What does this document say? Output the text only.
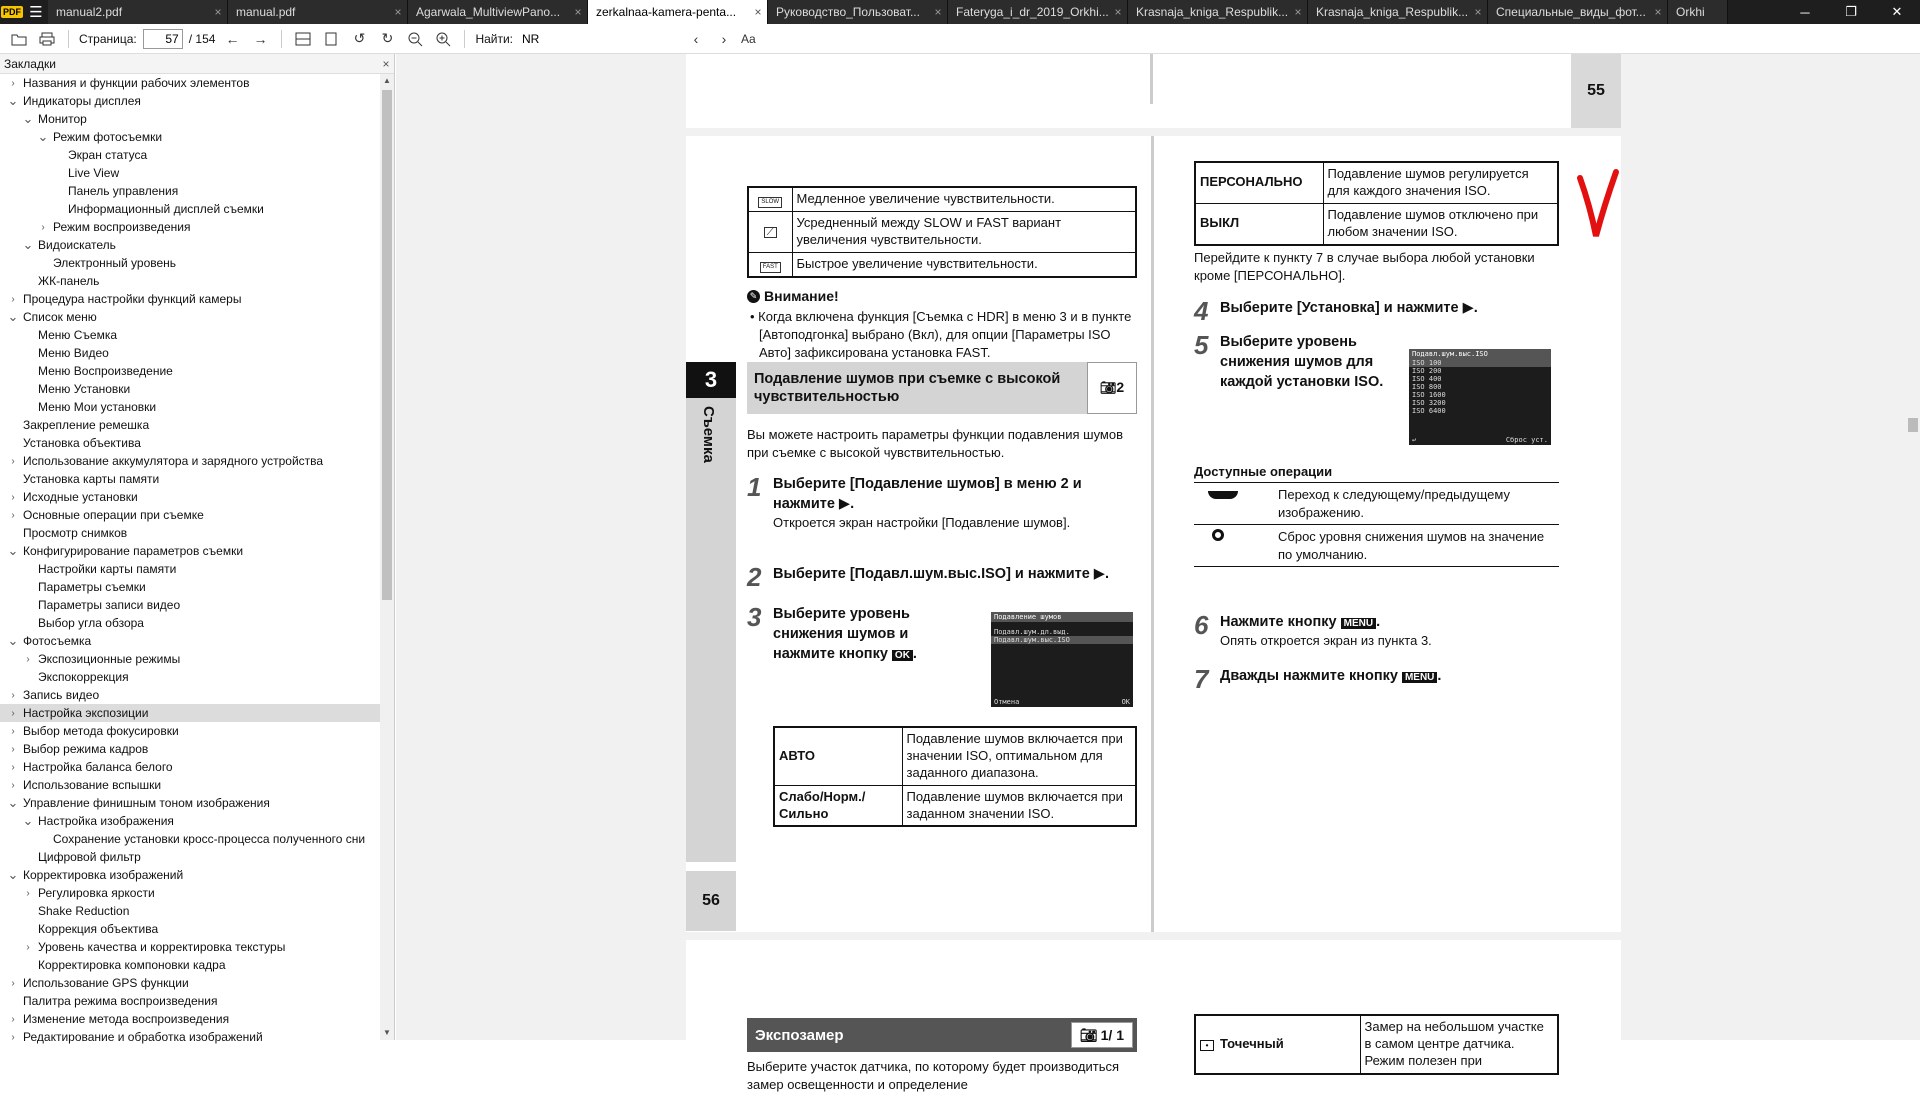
PDF ☰	manual2.pdf	×	manual.pdf	×	Agarwala_MultiviewPano...	×	zerkalnaa-kamera-penta...	×	Руководство_Пользоват...	×	Fateryga_i_dr_2019_Orkhi... ×	Krasnaja_kniga_Respublik... ×	Krasnaja_kniga_Respublik... ×	Специальные_виды_фот... ×	Orkhi	─	❐	✕
Страница:
57	/ 154 ← →	↺	↻	Найти:
NR	‹	›	Aa
Закладки	×
› Названия и функции рабочих элементов
⌄ Индикаторы дисплея
⌄ Монитор
⌄ Режим фотосъемки
Экран статуса
Live View
Панель управления
Информационный дисплей съемки
› Режим воспроизведения
⌄ Видоискатель
Электронный уровень
ЖК-панель
› Процедура настройки функций камеры
⌄ Список меню
Меню Съемка
Меню Видео
Меню Воспроизведение
Меню Установки
Меню Мои установки
Закрепление ремешка
Установка объектива
› Использование аккумулятора и зарядного устройства
Установка карты памяти
› Исходные установки
› Основные операции при съемке
Просмотр снимков
⌄ Конфигурирование параметров съемки
Настройки карты памяти
Параметры съемки
Параметры записи видео
Выбор угла обзора
⌄ Фотосъемка
› Экспозиционные режимы
Экспокоррекция
› Запись видео
› Настройка экспозиции
› Выбор метода фокусировки
› Выбор режима кадров
› Настройка баланса белого
› Использование вспышки
⌄ Управление финишным тоном изображения
⌄ Настройка изображения
Сохранение установки кросс-процесса полученного сни
Цифровой фильтр
⌄ Корректировка изображений
› Регулировка яркости
Shake Reduction
Коррекция объектива
› Уровень качества и корректировка текстуры
Корректировка компоновки кадра
› Использование GPS функции
Палитра режима воспроизведения
› Изменение метода воспроизведения
› Редактирование и обработка изображений
▲
▼
55
3
Съемка
56
SLOW	Медленное увеличение чувствительности.
⟋	Усредненный между SLOW и FAST вариант увеличения чувствительности.
FAST	Быстрое увеличение чувствительности.
✎ Внимание!
• Когда включена функция [Съемка с HDR] в меню 3 и в пункте [Автоподгонка] выбрано (Вкл), для опции [Параметры ISO Авто] зафиксирована установка FAST.
Подавление шумов при съемке с высокой чувствительностью
📷︎ 2
Вы можете настроить параметры функции подавления шумов при съемке с высокой чувствительностью.
1 Выберите [Подавление шумов] в меню 2 и нажмите ▶.
Откроется экран настройки [Подавление шумов].
2 Выберите [Подавл.шум.выс.ISO] и нажмите ▶.
3 Выберите уровень снижения шумов и нажмите кнопку OK .
Подавление шумов
Подавл.шум.дл.выд.
Подавл.шум.выс.ISO
Отмена	OK
АВТО	Подавление шумов включается при значении ISO, оптимальном для заданного диапазона.
Слабо/Норм./ Сильно	Подавление шумов включается при заданном значении ISO.
ПЕРСОНАЛЬНО	Подавление шумов регулируется для каждого значения ISO.
ВЫКЛ	Подавление шумов отключено при любом значении ISO.
Перейдите к пункту 7 в случае выбора любой установки кроме [ПЕРСОНАЛЬНО].
4 Выберите [Установка] и нажмите ▶.
5 Выберите уровень снижения шумов для каждой установки ISO.
Подавл.шум.выс.ISO
ISO 100
ISO 200
ISO 400
ISO 800
ISO 1600
ISO 3200
ISO 6400
↩	Сброс уст.
Доступные операции
	Переход к следующему/предыдущему изображению.
	Сброс уровня снижения шумов на значение по умолчанию.
6 Нажмите кнопку MENU .
Опять откроется экран из пункта 3.
7 Дважды нажмите кнопку MENU .
Экспозамер	📷︎ 1/ 1
Выберите участок датчика, по которому будет производиться замер освещенности и определение
• Точечный	Замер на небольшом участке в самом центре датчика. Режим полезен при
